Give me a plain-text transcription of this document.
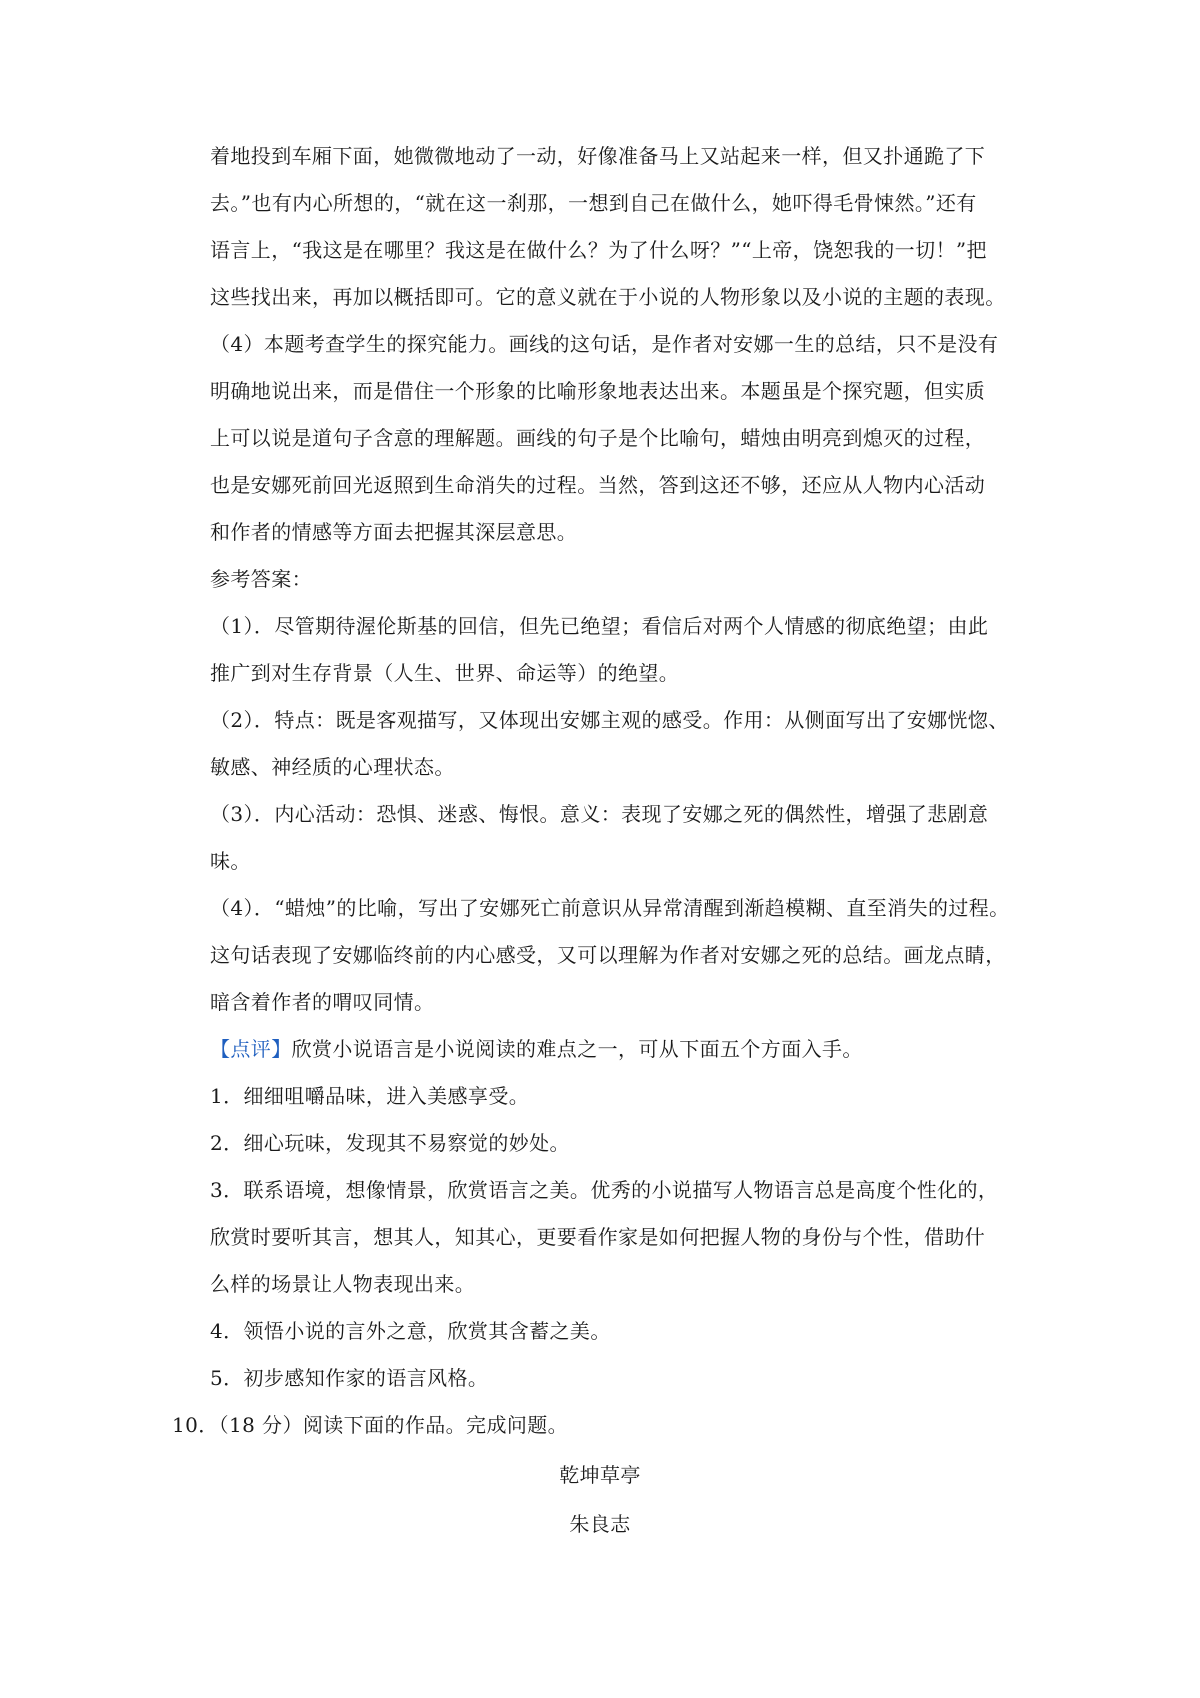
着地投到车厢下面，她微微地动了一动，好像准备马上又站起来一样，但又扑通跪了下
去。”也有内心所想的，“就在这一刹那，一想到自己在做什么，她吓得毛骨悚然。”还有
语言上，“我这是在哪里？我这是在做什么？为了什么呀？”“上帝，饶恕我的一切！”把
这些找出来，再加以概括即可。它的意义就在于小说的人物形象以及小说的主题的表现。
（4）本题考查学生的探究能力。画线的这句话，是作者对安娜一生的总结，只不是没有
明确地说出来，而是借住一个形象的比喻形象地表达出来。本题虽是个探究题，但实质
上可以说是道句子含意的理解题。画线的句子是个比喻句，蜡烛由明亮到熄灭的过程，
也是安娜死前回光返照到生命消失的过程。当然，答到这还不够，还应从人物内心活动
和作者的情感等方面去把握其深层意思。
参考答案：
（1）．尽管期待渥伦斯基的回信，但先已绝望；看信后对两个人情感的彻底绝望；由此
推广到对生存背景（人生、世界、命运等）的绝望。
（2）．特点：既是客观描写，又体现出安娜主观的感受。作用：从侧面写出了安娜恍惚、
敏感、神经质的心理状态。
（3）．内心活动：恐惧、迷惑、悔恨。意义：表现了安娜之死的偶然性，增强了悲剧意
味。
（4）．“蜡烛”的比喻，写出了安娜死亡前意识从异常清醒到渐趋模糊、直至消失的过程。
这句话表现了安娜临终前的内心感受，又可以理解为作者对安娜之死的总结。画龙点睛，
暗含着作者的喟叹同情。
【点评】欣赏小说语言是小说阅读的难点之一，可从下面五个方面入手。
1．细细咀嚼品味，进入美感享受。
2．细心玩味，发现其不易察觉的妙处。
3．联系语境，想像情景，欣赏语言之美。优秀的小说描写人物语言总是高度个性化的，
欣赏时要听其言，想其人，知其心，更要看作家是如何把握人物的身份与个性，借助什
么样的场景让人物表现出来。
4．领悟小说的言外之意，欣赏其含蓄之美。
5．初步感知作家的语言风格。
10．（18 分）阅读下面的作品。完成问题。
乾坤草亭
朱良志
